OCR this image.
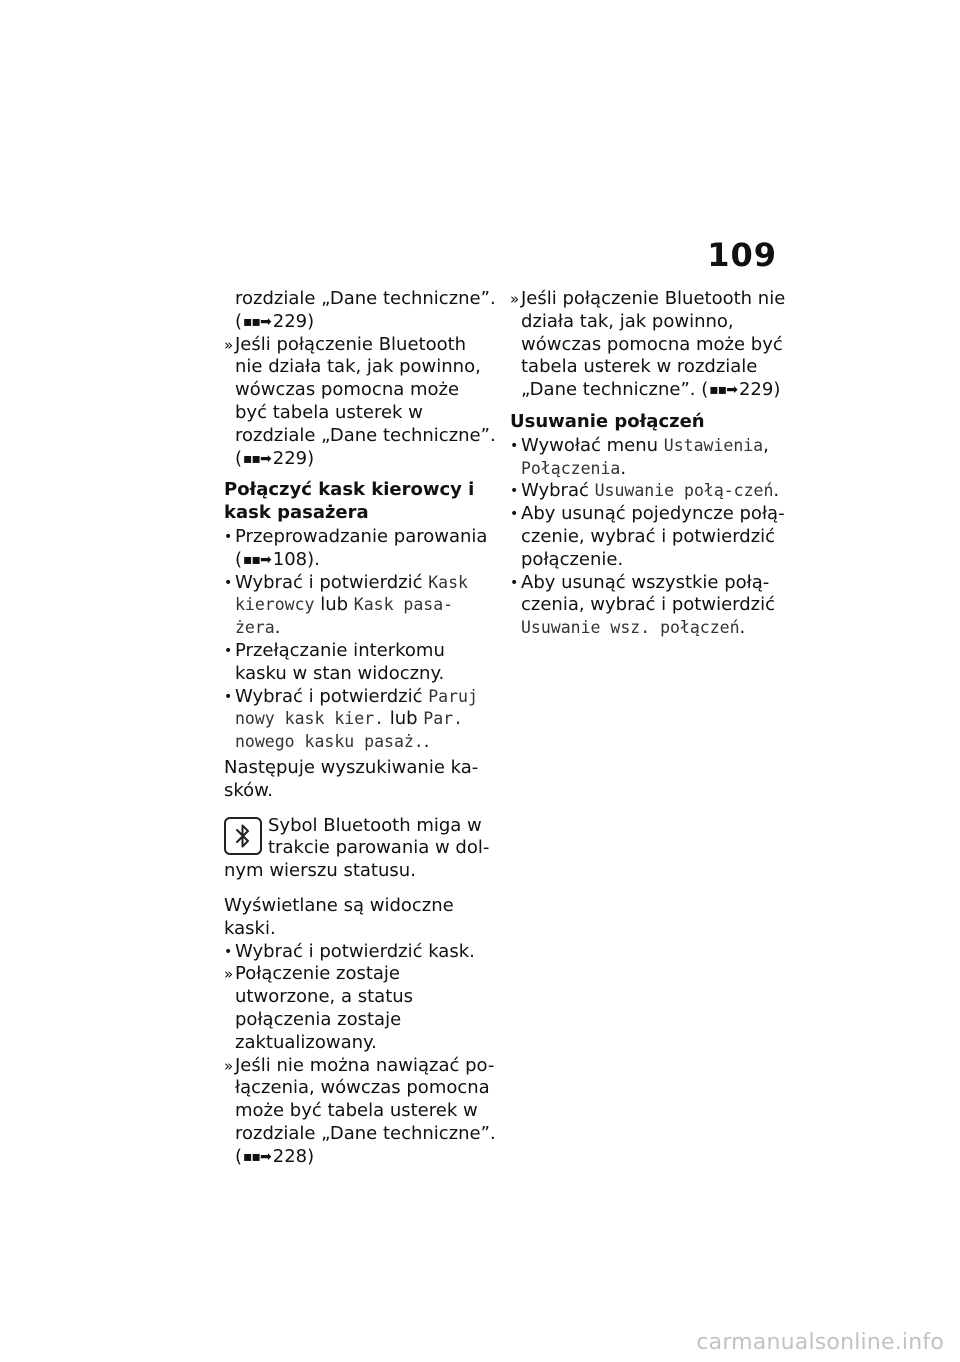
109
rozdziale „Dane techniczne”.
(▪▪➡ 229)
» Jeśli połączenie Bluetooth nie działa tak, jak powinno, wówczas pomocna może być tabela usterek w rozdziale „Dane techniczne”. (▪▪➡ 229)
Połączyć kask kierowcy i kask pasażera
• Przeprowadzanie parowania (▪▪➡ 108).
• Wybrać i potwierdzić Kask kierowcy lub Kask pasa-żera.
• Przełączanie interkomu kasku w stan widoczny.
• Wybrać i potwierdzić Paruj nowy kask kier. lub Par. nowego kasku pasaż..
Następuje wyszukiwanie ka-sków.
Sybol Bluetooth miga w trakcie parowania w dol-nym wierszu statusu.
Wyświetlane są widoczne kaski.
• Wybrać i potwierdzić kask.
» Połączenie zostaje utworzone, a status połączenia zostaje zaktualizowany.
» Jeśli nie można nawiązać po-łączenia, wówczas pomocna może być tabela usterek w rozdziale „Dane techniczne”. (▪▪➡ 228)
» Jeśli połączenie Bluetooth nie działa tak, jak powinno, wówczas pomocna może być tabela usterek w rozdziale „Dane techniczne”. (▪▪➡ 229)
Usuwanie połączeń
• Wywołać menu Ustawienia, Połączenia.
• Wybrać Usuwanie połą-czeń.
• Aby usunąć pojedyncze połą-czenie, wybrać i potwierdzić połączenie.
• Aby usunąć wszystkie połą-czenia, wybrać i potwierdzić Usuwanie wsz. połączeń.
carmanualsonline.info
